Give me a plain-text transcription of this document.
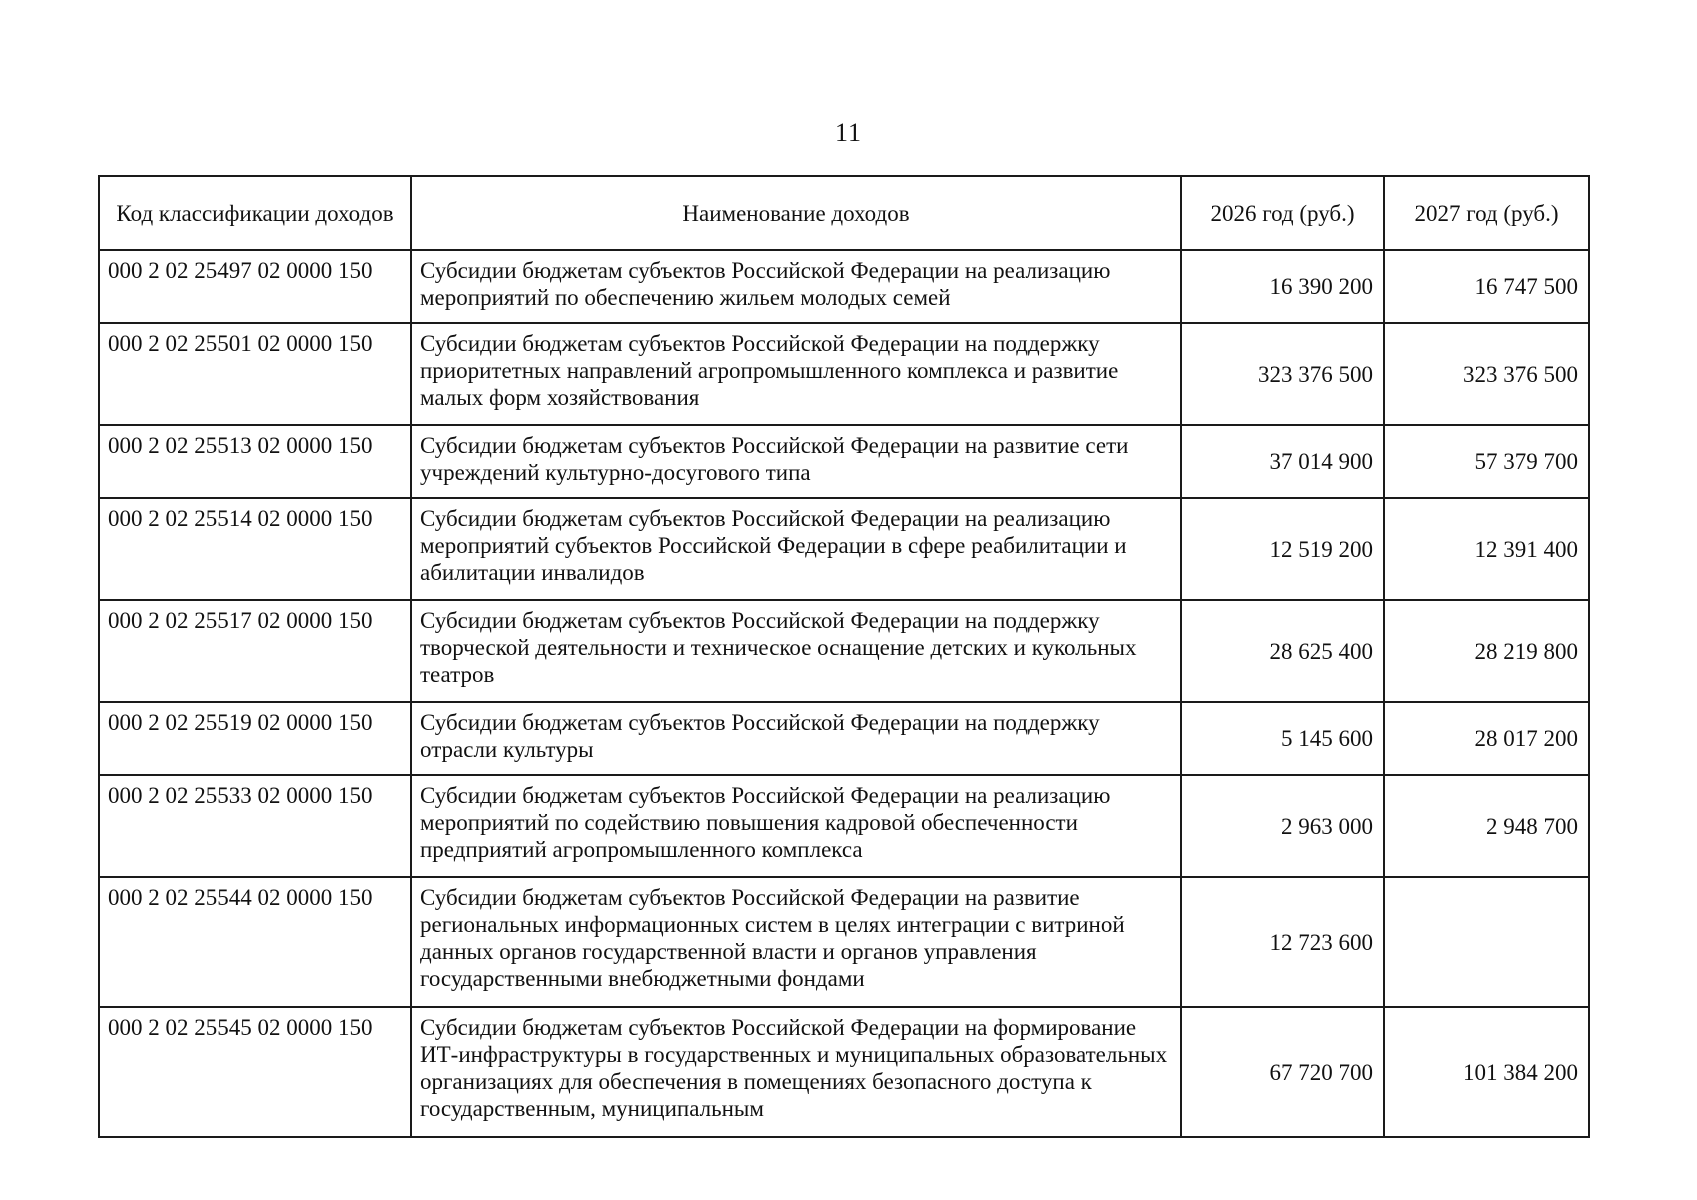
11
Код классификации доходов	Наименование доходов	2026 год (руб.)	2027 год (руб.)
000 2 02 25497 02 0000 150	Субсидии бюджетам субъектов Российской Федерации на реализацию мероприятий по обеспечению жильем молодых семей	16 390 200	16 747 500
000 2 02 25501 02 0000 150	Субсидии бюджетам субъектов Российской Федерации на поддержку приоритетных направлений агропромышленного комплекса и развитие малых форм хозяйствования	323 376 500	323 376 500
000 2 02 25513 02 0000 150	Субсидии бюджетам субъектов Российской Федерации на развитие сети учреждений культурно-досугового типа	37 014 900	57 379 700
000 2 02 25514 02 0000 150	Субсидии бюджетам субъектов Российской Федерации на реализацию мероприятий субъектов Российской Федерации в сфере реабилитации и абилитации инвалидов	12 519 200	12 391 400
000 2 02 25517 02 0000 150	Субсидии бюджетам субъектов Российской Федерации на поддержку творческой деятельности и техническое оснащение детских и кукольных театров	28 625 400	28 219 800
000 2 02 25519 02 0000 150	Субсидии бюджетам субъектов Российской Федерации на поддержку отрасли культуры	5 145 600	28 017 200
000 2 02 25533 02 0000 150	Субсидии бюджетам субъектов Российской Федерации на реализацию мероприятий по содействию повышения кадровой обеспеченности предприятий агропромышленного комплекса	2 963 000	2 948 700
000 2 02 25544 02 0000 150	Субсидии бюджетам субъектов Российской Федерации на развитие региональных информационных систем в целях интеграции с витриной данных органов государственной власти и органов управления государственными внебюджетными фондами	12 723 600	
000 2 02 25545 02 0000 150	Субсидии бюджетам субъектов Российской Федерации на формирование ИТ-инфраструктуры в государственных и муниципальных образовательных организациях для обеспечения в помещениях безопасного доступа к государственным, муниципальным	67 720 700	101 384 200
